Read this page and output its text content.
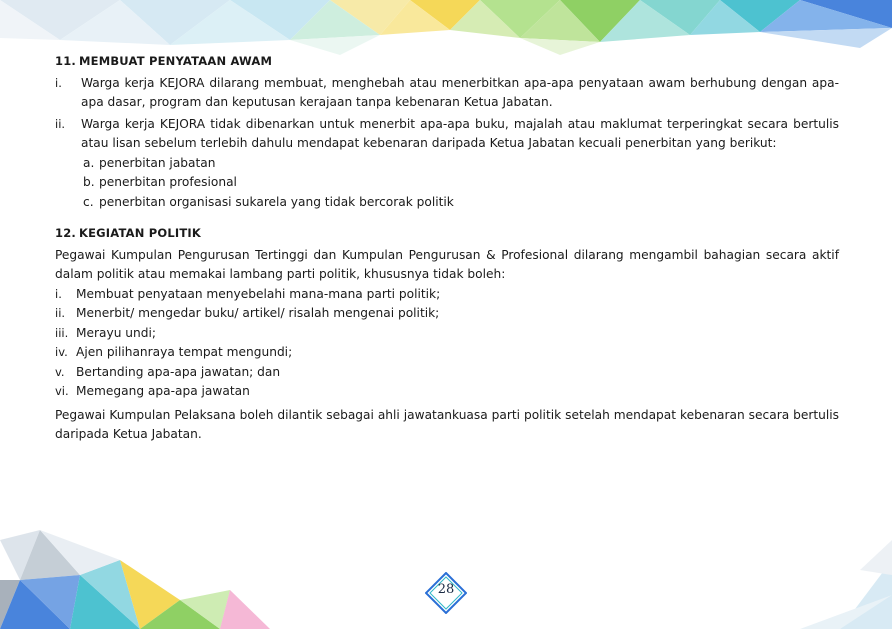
11. MEMBUAT PENYATAAN AWAM
i. Warga kerja KEJORA dilarang membuat, menghebah atau menerbitkan apa-apa penyataan awam berhubung dengan apa-apa dasar, program dan keputusan kerajaan tanpa kebenaran Ketua Jabatan.
ii. Warga kerja KEJORA tidak dibenarkan untuk menerbit apa-apa buku, majalah atau maklumat terperingkat secara bertulis atau lisan sebelum terlebih dahulu mendapat kebenaran daripada Ketua Jabatan kecuali penerbitan yang berikut:
a. penerbitan jabatan
b. penerbitan profesional
c. penerbitan organisasi sukarela yang tidak bercorak politik
12. KEGIATAN POLITIK
Pegawai Kumpulan Pengurusan Tertinggi dan Kumpulan Pengurusan & Profesional dilarang mengambil bahagian secara aktif dalam politik atau memakai lambang parti politik, khususnya tidak boleh:
i. Membuat penyataan menyebelahi mana-mana parti politik;
ii. Menerbit/ mengedar buku/ artikel/ risalah mengenai politik;
iii. Merayu undi;
iv. Ajen pilihanraya tempat mengundi;
v. Bertanding apa-apa jawatan; dan
vi. Memegang apa-apa jawatan
Pegawai Kumpulan Pelaksana boleh dilantik sebagai ahli jawatankuasa parti politik setelah mendapat kebenaran secara bertulis daripada Ketua Jabatan.
28
